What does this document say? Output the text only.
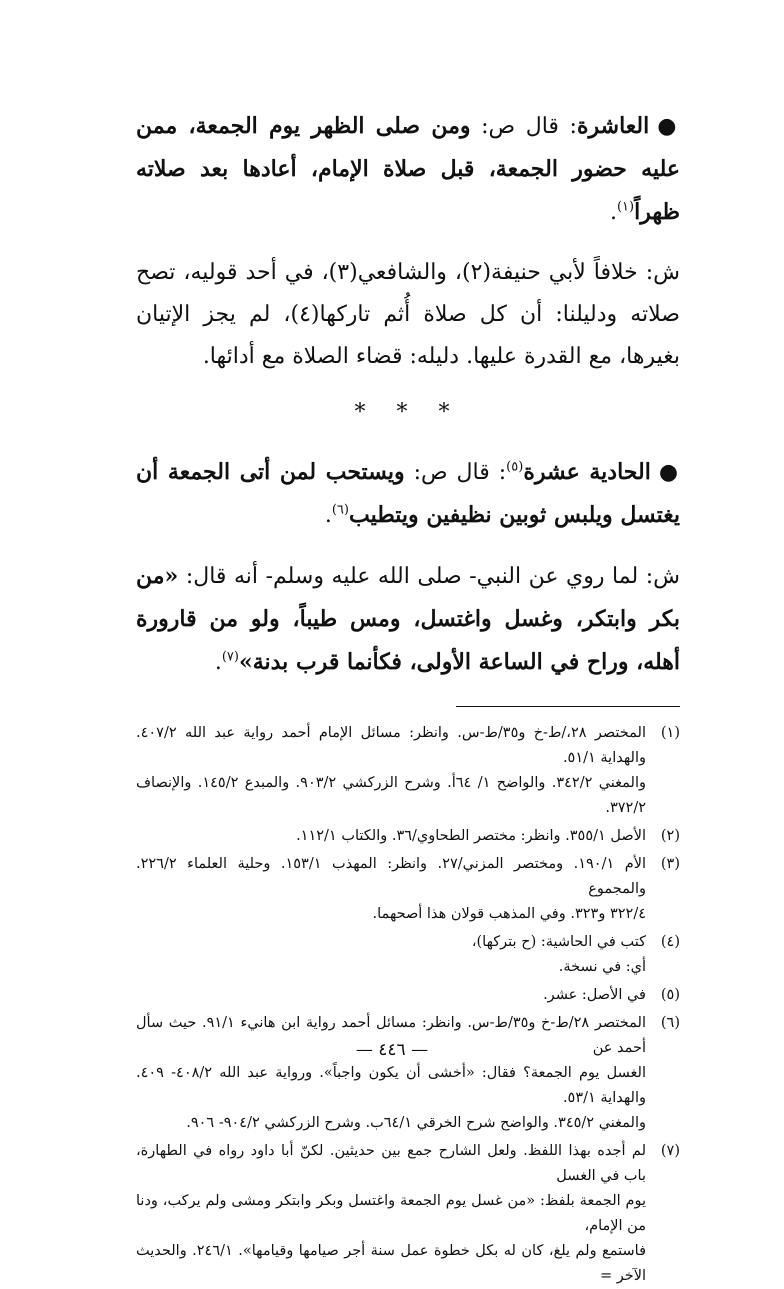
●العاشرة: قال ص: ومن صلى الظهر يوم الجمعة، ممن عليه حضور الجمعة، قبل صلاة الإمام، أعادها بعد صلاته ظهراً$^{(١)}$.

ش: خلافاً لأبي حنيفة(٢)، والشافعي(٣)، في أحد قوليه، تصح صلاته ودليلنا: أن كل صلاة أُثم تاركها(٤)، لم يجز الإتيان بغيرها، مع القدرة عليها. دليله: قضاء الصلاة مع أدائها.

* * *

●الحادية عشرة$^{(٥)}$: قال ص: ويستحب لمن أتى الجمعة أن يغتسل ويلبس ثوبين نظيفين ويتطيب$^{(٦)}$.

ش: لما روي عن النبي- صلى الله عليه وسلم- أنه قال: «من بكر وابتكر، وغسل واغتسل، ومس طيباً، ولو من قارورة أهله، وراح في الساعة الأولى، فكأنما قرب بدنة»$^{(٧)}$.

(١)
المختصر ٢٨،/ط-خ و٣٥/ط-س. وانظر: مسائل الإمام أحمد رواية عبد الله ٤٠٧/٢. والهداية ٥١/١.
والمغني ٣٤٢/٢. والواضح ١/ ٦٤أ. وشرح الزركشي ٩٠٣/٢. والمبدع ١٤٥/٢. والإنصاف ٣٧٢/٢.
(٢)
الأصل ٣٥٥/١. وانظر: مختصر الطحاوي/٣٦. والكتاب ١١٢/١.
(٣)
الأم ١٩٠/١. ومختصر المزني/٢٧. وانظر: المهذب ١٥٣/١. وحلية العلماء ٢٢٦/٢. والمجموع
٣٢٢/٤ و٣٢٣. وفي المذهب قولان هذا أصحهما.
(٤)
كتب في الحاشية: (ح بتركها)،
أي: في نسخة.
(٥)
في الأصل: عشر.
(٦)
المختصر ٢٨/ط-خ و٣٥/ط-س. وانظر: مسائل أحمد رواية ابن هانيء ٩١/١. حيث سأل أحمد عن
الغسل يوم الجمعة؟ فقال: «أخشى أن يكون واجباً». ورواية عبد الله ٤٠٨/٢- ٤٠٩. والهداية ٥٣/١.
والمغني ٣٤٥/٢. والواضح شرح الخرقي ٦٤/١ب. وشرح الزركشي ٩٠٤/٢- ٩٠٦.
(٧)
لم أجده بهذا اللفظ. ولعل الشارح جمع بين حديثين. لكنّ أبا داود رواه في الطهارة، باب في الغسل
يوم الجمعة بلفظ: «من غسل يوم الجمعة واغتسل وبكر وابتكر ومشى ولم يركب، ودنا من الإمام،
فاستمع ولم يلغ، كان له بكل خطوة عمل سنة أجر صيامها وقيامها». ٢٤٦/١. والحديث الآخر =
— ٤٤٦ —
